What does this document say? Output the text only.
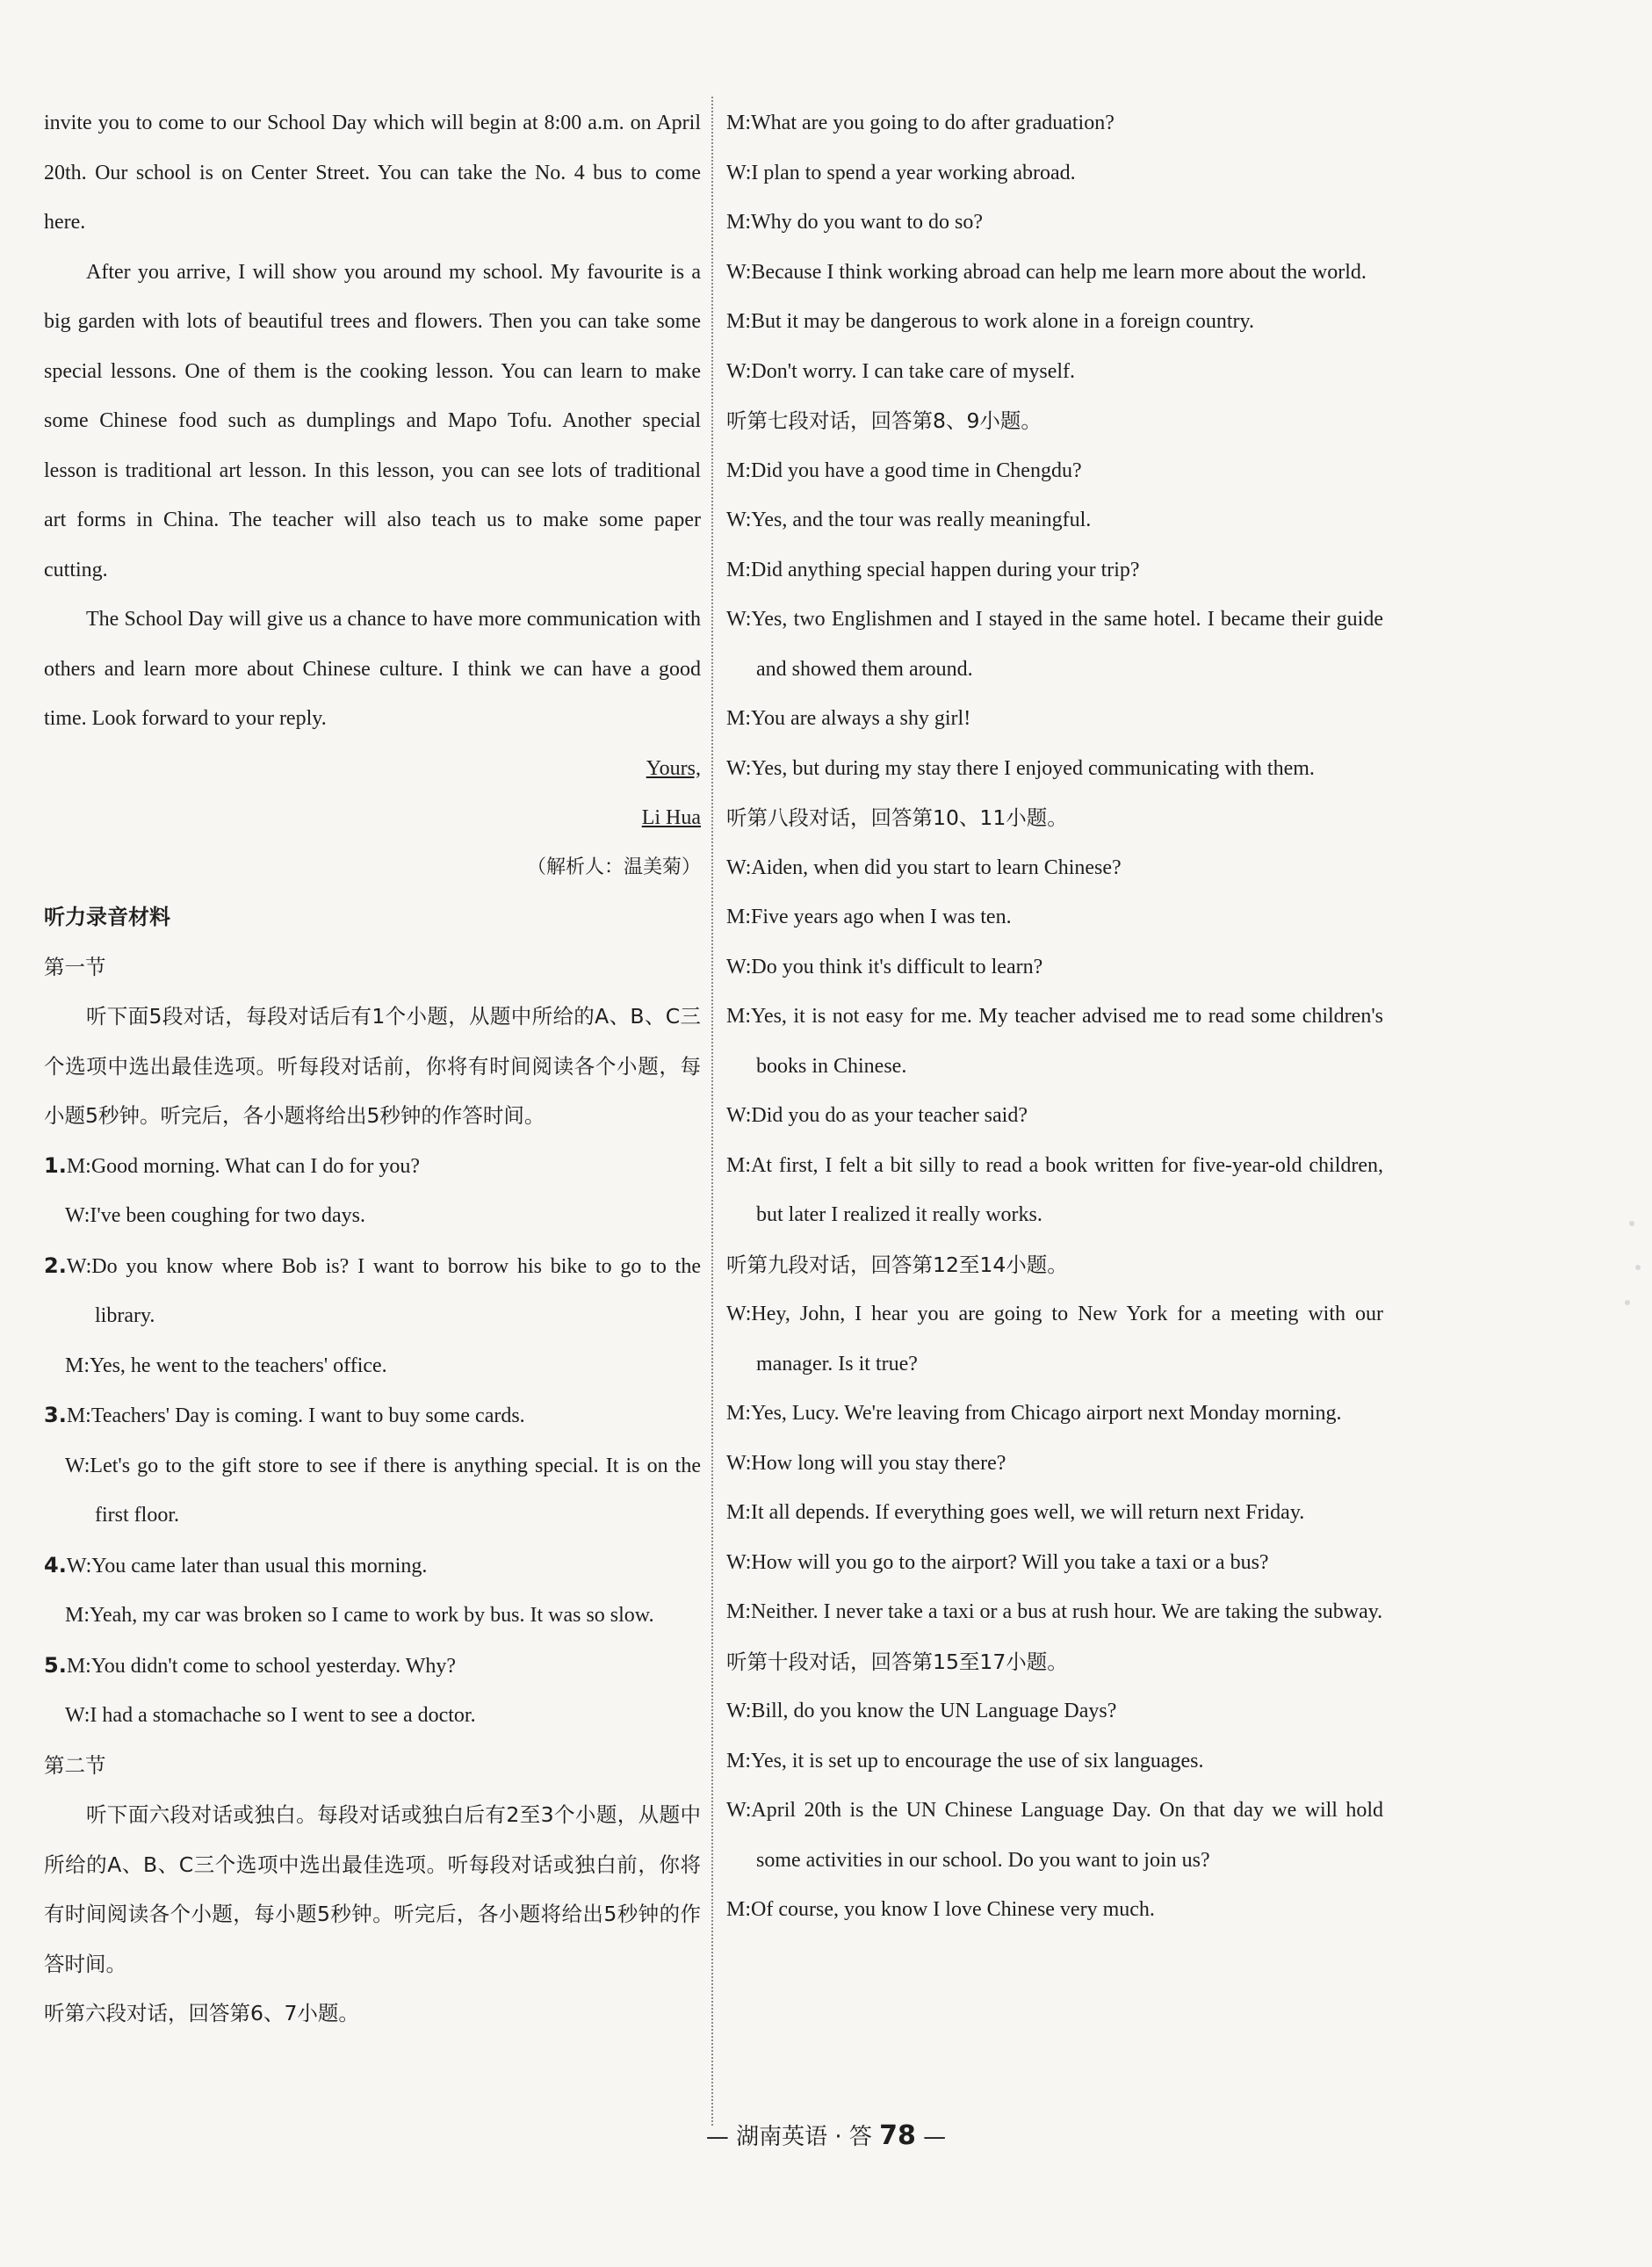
invite you to come to our School Day which will begin at 8:00 a.m. on April 20th. Our school is on Center Street. You can take the No. 4 bus to come here.

After you arrive, I will show you around my school. My favourite is a big garden with lots of beautiful trees and flowers. Then you can take some special lessons. One of them is the cooking lesson. You can learn to make some Chinese food such as dumplings and Mapo Tofu. Another special lesson is traditional art lesson. In this lesson, you can see lots of traditional art forms in China. The teacher will also teach us to make some paper cutting.

The School Day will give us a chance to have more communication with others and learn more about Chinese culture. I think we can have a good time. Look forward to your reply.

Yours,

Li Hua

（解析人：温美菊）

听力录音材料

第一节

听下面5段对话，每段对话后有1个小题，从题中所给的A、B、C三个选项中选出最佳选项。听每段对话前，你将有时间阅读各个小题，每小题5秒钟。听完后，各小题将给出5秒钟的作答时间。

1.M:Good morning. What can I do for you?

W:I've been coughing for two days.

2.W:Do you know where Bob is? I want to borrow his bike to go to the library.

M:Yes, he went to the teachers' office.

3.M:Teachers' Day is coming. I want to buy some cards.

W:Let's go to the gift store to see if there is anything special. It is on the first floor.

4.W:You came later than usual this morning.

M:Yeah, my car was broken so I came to work by bus. It was so slow.

5.M:You didn't come to school yesterday. Why?

W:I had a stomachache so I went to see a doctor.

第二节

听下面六段对话或独白。每段对话或独白后有2至3个小题，从题中所给的A、B、C三个选项中选出最佳选项。听每段对话或独白前，你将有时间阅读各个小题，每小题5秒钟。听完后，各小题将给出5秒钟的作答时间。

听第六段对话，回答第6、7小题。

M:What are you going to do after graduation?

W:I plan to spend a year working abroad.

M:Why do you want to do so?

W:Because I think working abroad can help me learn more about the world.

M:But it may be dangerous to work alone in a foreign country.

W:Don't worry. I can take care of myself.

听第七段对话，回答第8、9小题。

M:Did you have a good time in Chengdu?

W:Yes, and the tour was really meaningful.

M:Did anything special happen during your trip?

W:Yes, two Englishmen and I stayed in the same hotel. I became their guide and showed them around.

M:You are always a shy girl!

W:Yes, but during my stay there I enjoyed communicating with them.

听第八段对话，回答第10、11小题。

W:Aiden, when did you start to learn Chinese?

M:Five years ago when I was ten.

W:Do you think it's difficult to learn?

M:Yes, it is not easy for me. My teacher advised me to read some children's books in Chinese.

W:Did you do as your teacher said?

M:At first, I felt a bit silly to read a book written for five-year-old children, but later I realized it really works.

听第九段对话，回答第12至14小题。

W:Hey, John, I hear you are going to New York for a meeting with our manager. Is it true?

M:Yes, Lucy. We're leaving from Chicago airport next Monday morning.

W:How long will you stay there?

M:It all depends. If everything goes well, we will return next Friday.

W:How will you go to the airport? Will you take a taxi or a bus?

M:Neither. I never take a taxi or a bus at rush hour. We are taking the subway.

听第十段对话，回答第15至17小题。

W:Bill, do you know the UN Language Days?

M:Yes, it is set up to encourage the use of six languages.

W:April 20th is the UN Chinese Language Day. On that day we will hold some activities in our school. Do you want to join us?

M:Of course, you know I love Chinese very much.

— 湖南英语 · 答 78 —
